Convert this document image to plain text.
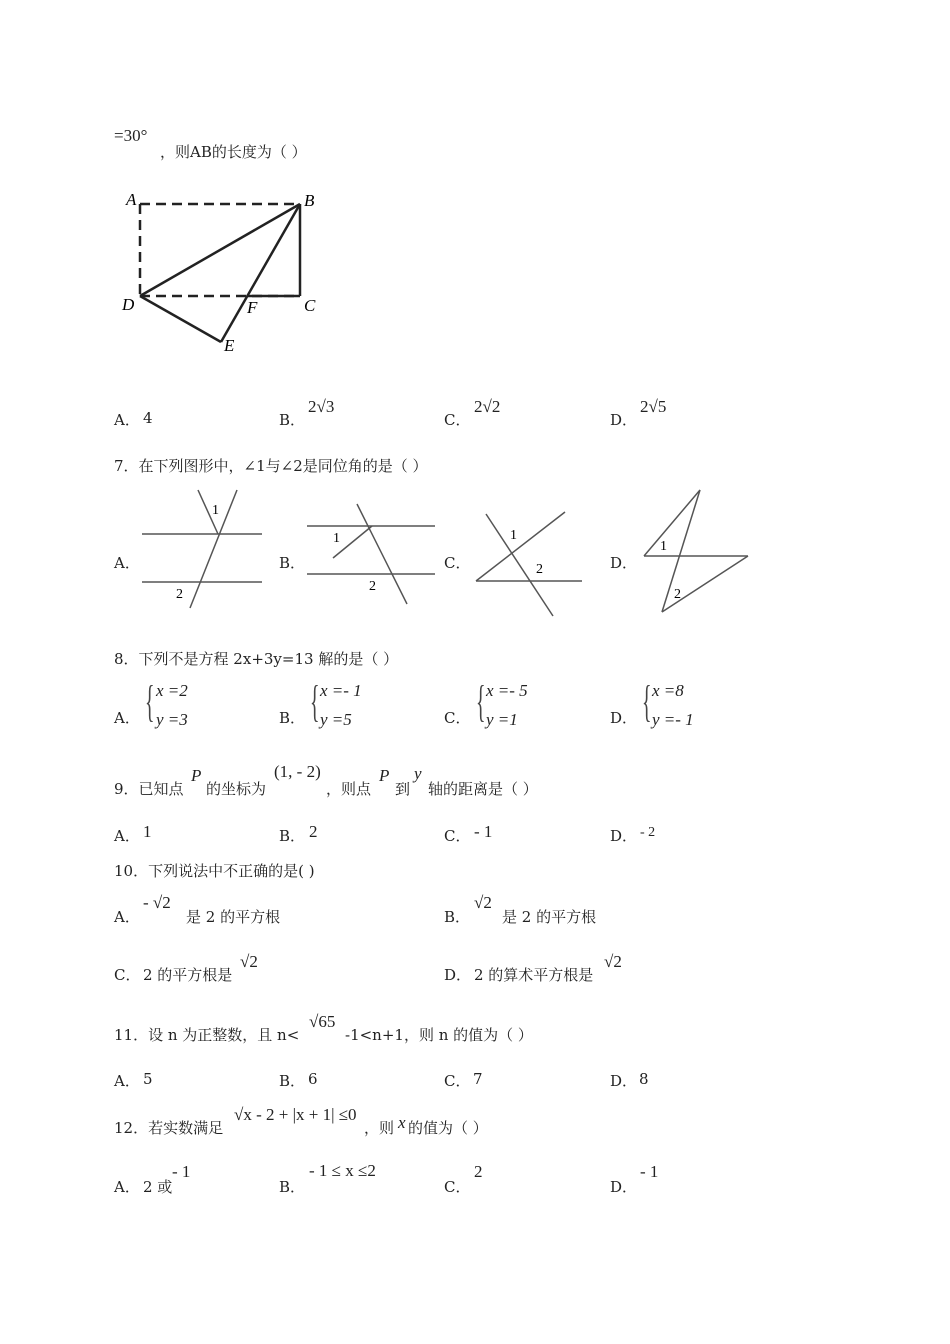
=30°
，则AB的长度为（ ）
A	B
D	C
F
E
A． 4	B．
2√3
C．
2√2
D．
2√5
7．在下列图形中，∠1与∠2是同位角的是（ ）
A．
1
2
B．
1
2
C．
1
2	D．
1
2
8．下列不是方程 2x+3y=13 解的是（ ）
A． { x =2
y =3	B． { x =- 1
y =5	C． { x =- 5
y =1	D． { x =8
y =- 1
9．已知点
P
的坐标为
(1, - 2)
，则点
P
到
y
轴的距离是（ ）
A． 1	B． 2	C． - 1	D． - 2
10．下列说法中不正确的是( )
A．
- √2
是 2 的平方根	B．
√2
是 2 的平方根
C． 2 的平方根是
√2
D． 2 的算术平方根是
√2
11．设 n 为正整数，且 n<
√65
-1<n+1，则 n 的值为（ ）
A． 5	B． 6	C． 7	D． 8
12．若实数满足
√x - 2 + |x + 1| ≤0
，则 x 的值为（ ）
A． 2 或
- 1
B．
- 1 ≤ x ≤2
C．
2
D．
- 1
